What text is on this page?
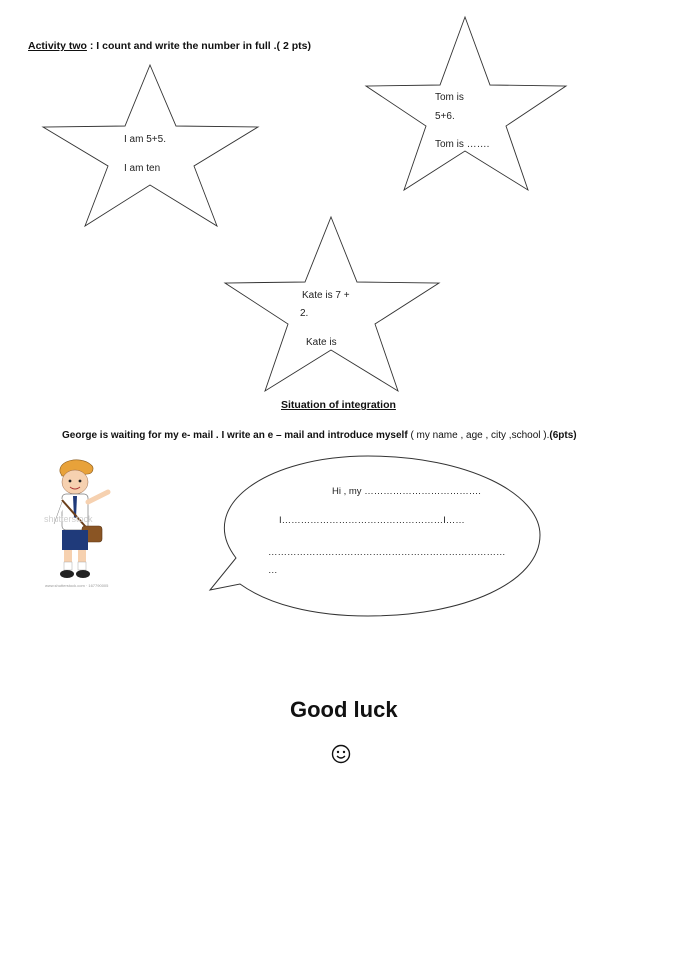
Activity two : I count and write the number in full .( 2 pts)
I am 5+5.
I am ten
Tom is
5+6.
Tom is …….
Kate is 7 +
2.
Kate is
Situation of integration
George is waiting for my e- mail . I write an e – mail and introduce myself ( my name , age , city ,school ).(6pts)
shutterstock
www.shutterstock.com · 167790005
Hi , my ……………………………….
I……………………………………………I……
…………………………………………………………………
…
Good luck
